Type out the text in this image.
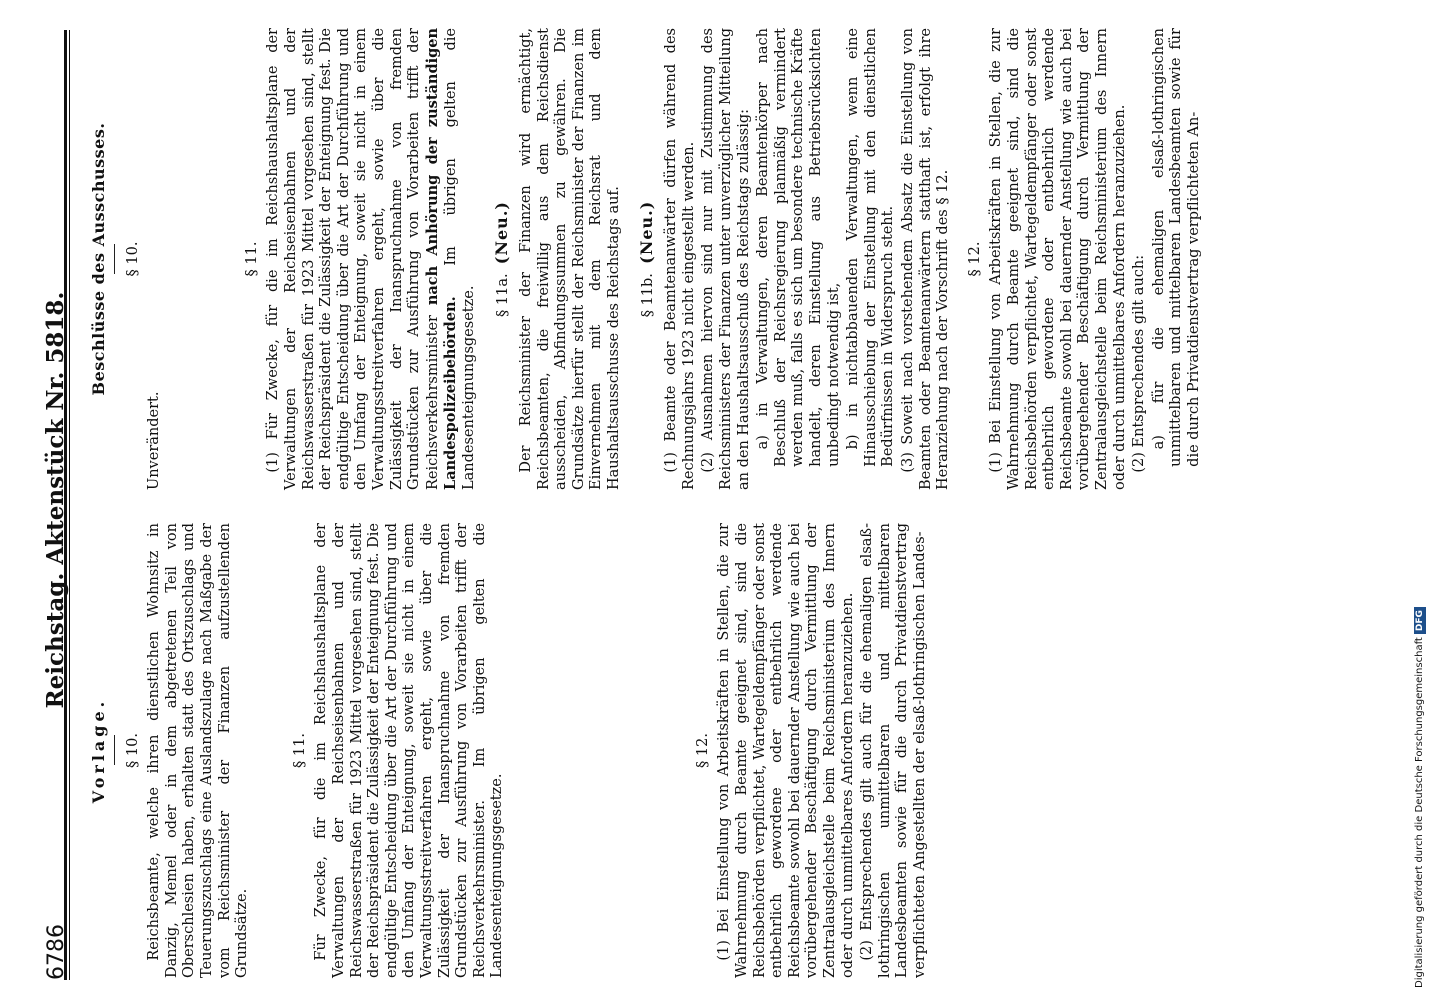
6786
Reichstag. Aktenstück Nr. 5818.
Vorlage. § 10. Reichsbeamte, welche ihren dienstlichen Wohnsitz in Danzig, Memel oder in dem abgetretenen Teil von Oberschlesien haben, erhalten statt des Ortszuschlags und Teuerungszuschlags eine Auslandszulage nach Maßgabe der vom Reichsminister der Finanzen aufzustellenden Grundsätze.

§ 11. Für Zwecke, für die im Reichshaushaltsplane der Verwaltungen der Reichseisenbahnen und der Reichswasserstraßen für 1923 Mittel vorgesehen sind, stellt der Reichspräsident die Zulässigkeit der Enteignung fest. Die endgültige Entscheidung über die Art der Durchführung und den Umfang der Enteignung, soweit sie nicht in einem Verwaltungsstreitverfahren ergeht, sowie über die Zulässigkeit der Inanspruchnahme von fremden Grundstücken zur Ausführung von Vorarbeiten trifft der Reichsverkehrsminister. Im übrigen gelten die Landesenteignungsgesetze.

§ 12. (1) Bei Einstellung von Arbeitskräften in Stellen, die zur Wahrnehmung durch Beamte geeignet sind, sind die Reichsbehörden verpflichtet, Wartegeldempfänger oder sonst entbehrlich gewordene oder entbehrlich werdende Reichsbeamte sowohl bei dauernder Anstellung wie auch bei vorübergehender Beschäftigung durch Vermittlung der Zentralausgleichstelle beim Reichsministerium des Innern oder durch unmittelbares Anfordern heranzuziehen. (2) Entsprechendes gilt auch für die ehemaligen elsaß-lothringischen unmittelbaren und mittelbaren Landesbeamten sowie für die durch Privatdienstvertrag verpflichteten Angestellten der elsaß-lothringischen Landes-

Beschlüsse des Ausschusses. § 10.

Unverändert.

§ 11. (1) Für Zwecke, für die im Reichshaushaltsplane der Verwaltungen der Reichseisenbahnen und der Reichswasserstraßen für 1923 Mittel vorgesehen sind, stellt der Reichspräsident die Zulässigkeit der Enteignung fest. Die endgültige Entscheidung über die Art der Durchführung und den Umfang der Enteignung, soweit sie nicht in einem Verwaltungsstreitverfahren ergeht, sowie über die Zulässigkeit der Inanspruchnahme von fremden Grundstücken zur Ausführung von Vorarbeiten trifft der Reichsverkehrsminister nach Anhörung der zuständigen Landespolizeibehörden. Im übrigen gelten die Landesenteignungsgesetze. § 11a.  (Neu.) Der Reichsminister der Finanzen wird ermächtigt, Reichsbeamten, die freiwillig aus dem Reichsdienst ausscheiden, Abfindungssummen zu gewähren. Die Grundsätze hierfür stellt der Reichsminister der Finanzen im Einvernehmen mit dem Reichsrat und dem Haushaltsausschusse des Reichstags auf. § 11b.  (Neu.) (1) Beamte oder Beamtenanwärter dürfen während des Rechnungsjahrs 1923 nicht eingestellt werden. (2) Ausnahmen hiervon sind nur mit Zustimmung des Reichsministers der Finanzen unter unverzüglicher Mitteilung an den Haushaltsausschuß des Reichstags zulässig: a) in Verwaltungen, deren Beamtenkörper nach Beschluß der Reichsregierung planmäßig vermindert werden muß, falls es sich um besondere technische Kräfte handelt, deren Einstellung aus Betriebsrücksichten unbedingt notwendig ist, b) in nichtabbauenden Verwaltungen, wenn eine Hinausschiebung der Einstellung mit den dienstlichen Bedürfnissen in Widerspruch steht. (3) Soweit nach vorstehendem Absatz die Einstellung von Beamten oder Beamtenanwärtern statthaft ist, erfolgt ihre Heranziehung nach der Vorschrift des § 12. § 12. (1) Bei Einstellung von Arbeitskräften in Stellen, die zur Wahrnehmung durch Beamte geeignet sind, sind die Reichsbehörden verpflichtet, Wartegeldempfänger oder sonst entbehrlich gewordene oder entbehrlich werdende Reichsbeamte sowohl bei dauernder Anstellung wie auch bei vorübergehender Beschäftigung durch Vermittlung der Zentralausgleichstelle beim Reichsministerium des Innern oder durch unmittelbares Anfordern heranzuziehen. (2) Entsprechendes gilt auch: a) für die ehemaligen elsaß-lothringischen unmittelbaren und mittelbaren Landesbeamten sowie für die durch Privatdienstvertrag verpflichteten An-

Digitalisierung gefördert durch die Deutsche ForschungsgemeinschaftDFG
